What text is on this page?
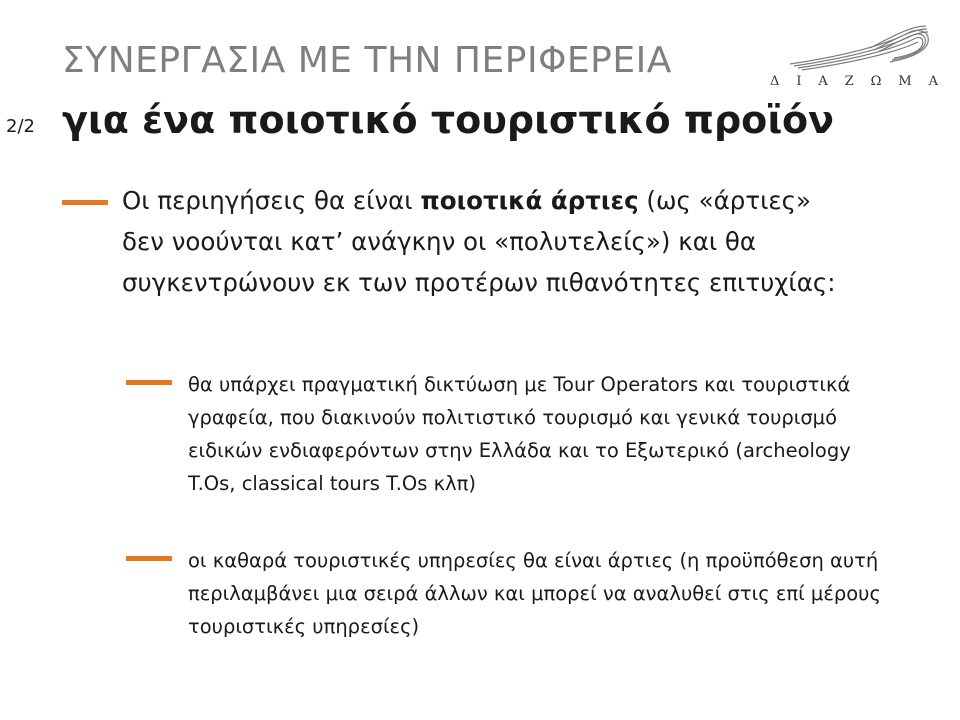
ΣΥΝΕΡΓΑΣΙΑ ΜΕ ΤΗΝ ΠΕΡΙΦΕΡΕΙΑ
για ένα ποιοτικό τουριστικό προϊόν
2/2
Δ Ι Α Ζ Ω Μ Α
Οι περιηγήσεις θα είναι ποιοτικά άρτιες (ως «άρτιες» δεν νοούνται κατ’ ανάγκην οι «πολυτελείς») και θα συγκεντρώνουν εκ των προτέρων πιθανότητες επιτυχίας:
θα υπάρχει πραγματική δικτύωση με Tour Operators και τουριστικά γραφεία, που διακινούν πολιτιστικό τουρισμό και γενικά τουρισμό ειδικών ενδιαφερόντων στην Ελλάδα και το Εξωτερικό (archeology T.Os, classical tours T.Os κλπ)
οι καθαρά τουριστικές υπηρεσίες θα είναι άρτιες (η προϋπόθεση αυτή περιλαμβάνει μια σειρά άλλων και μπορεί να αναλυθεί στις επί μέρους τουριστικές υπηρεσίες)
